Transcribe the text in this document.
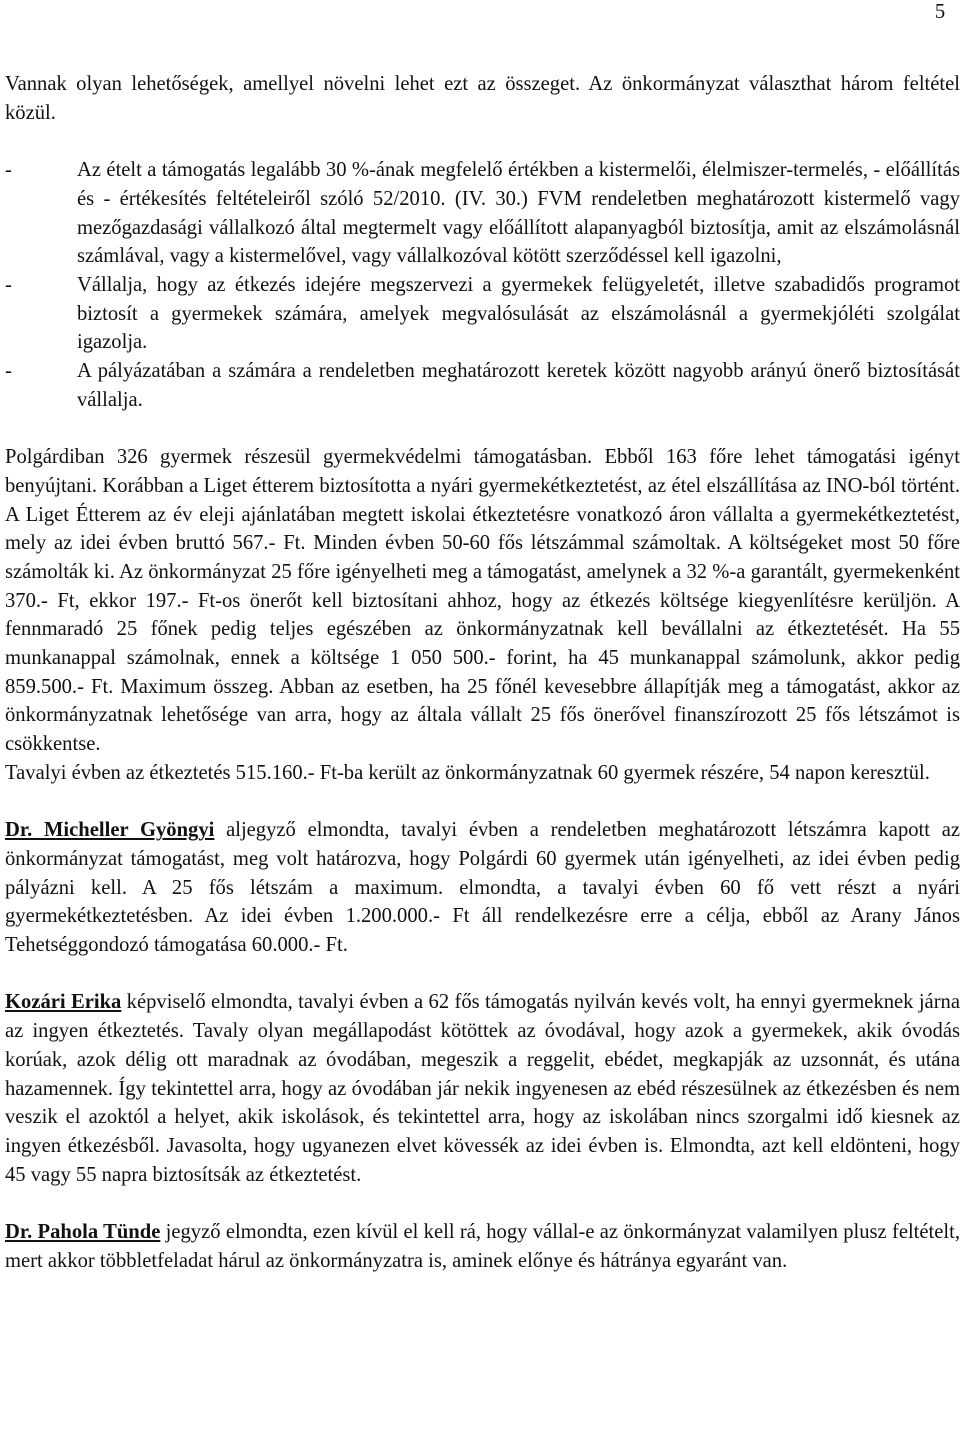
5

Vannak olyan lehetőségek, amellyel növelni lehet ezt az összeget. Az önkormányzat választhat három feltétel közül.

-	Az ételt a támogatás legalább 30 %-ának megfelelő értékben a kistermelői, élelmiszer-termelés, - előállítás és - értékesítés feltételeiről szóló 52/2010. (IV. 30.) FVM rendeletben meghatározott kistermelő vagy mezőgazdasági vállalkozó által megtermelt vagy előállított alapanyagból biztosítja, amit az elszámolásnál számlával, vagy a kistermelővel, vagy vállalkozóval kötött szerződéssel kell igazolni,
-	Vállalja, hogy az étkezés idejére megszervezi a gyermekek felügyeletét, illetve szabadidős programot biztosít a gyermekek számára, amelyek megvalósulását az elszámolásnál a gyermekjóléti szolgálat igazolja.
-	A pályázatában a számára a rendeletben meghatározott keretek között nagyobb arányú önerő biztosítását vállalja.

Polgárdiban 326 gyermek részesül gyermekvédelmi támogatásban. Ebből 163 főre lehet támogatási igényt benyújtani. Korábban a Liget étterem biztosította a nyári gyermekétkeztetést, az étel elszállítása az INO-ból történt. A Liget Étterem az év eleji ajánlatában megtett iskolai étkeztetésre vonatkozó áron vállalta a gyermekétkeztetést, mely az idei évben bruttó 567.- Ft. Minden évben 50-60 fős létszámmal számoltak. A költségeket most 50 főre számolták ki. Az önkormányzat 25 főre igényelheti meg a támogatást, amelynek a 32 %-a garantált, gyermekenként 370.- Ft, ekkor 197.- Ft-os önerőt kell biztosítani ahhoz, hogy az étkezés költsége kiegyenlítésre kerüljön. A fennmaradó 25 főnek pedig teljes egészében az önkormányzatnak kell bevállalni az étkeztetését. Ha 55 munkanappal számolnak, ennek a költsége 1 050 500.- forint, ha 45 munkanappal számolunk, akkor pedig 859.500.- Ft. Maximum összeg. Abban az esetben, ha 25 főnél kevesebbre állapítják meg a támogatást, akkor az önkormányzatnak lehetősége van arra, hogy az általa vállalt 25 fős önerővel finanszírozott 25 fős létszámot is csökkentse.

Tavalyi évben az étkeztetés 515.160.- Ft-ba került az önkormányzatnak 60 gyermek részére, 54 napon keresztül.

Dr. Micheller Gyöngyi aljegyző elmondta, tavalyi évben a rendeletben meghatározott létszámra kapott az önkormányzat támogatást, meg volt határozva, hogy Polgárdi 60 gyermek után igényelheti, az idei évben pedig pályázni kell. A 25 fős létszám a maximum. elmondta, a tavalyi évben 60 fő vett részt a nyári gyermekétkeztetésben. Az idei évben 1.200.000.- Ft áll rendelkezésre erre a célja, ebből az Arany János Tehetséggondozó támogatása 60.000.- Ft.

Kozári Erika képviselő elmondta, tavalyi évben a 62 fős támogatás nyilván kevés volt, ha ennyi gyermeknek járna az ingyen étkeztetés. Tavaly olyan megállapodást kötöttek az óvodával, hogy azok a gyermekek, akik óvodás korúak, azok délig ott maradnak az óvodában, megeszik a reggelit, ebédet, megkapják az uzsonnát, és utána hazamennek. Így tekintettel arra, hogy az óvodában jár nekik ingyenesen az ebéd részesülnek az étkezésben és nem veszik el azoktól a helyet, akik iskolások, és tekintettel arra, hogy az iskolában nincs szorgalmi idő kiesnek az ingyen étkezésből. Javasolta, hogy ugyanezen elvet kövessék az idei évben is. Elmondta, azt kell eldönteni, hogy 45 vagy 55 napra biztosítsák az étkeztetést.

Dr. Pahola Tünde jegyző elmondta, ezen kívül el kell rá, hogy vállal-e az önkormányzat valamilyen plusz feltételt, mert akkor többletfeladat hárul az önkormányzatra is, aminek előnye és hátránya egyaránt van.
